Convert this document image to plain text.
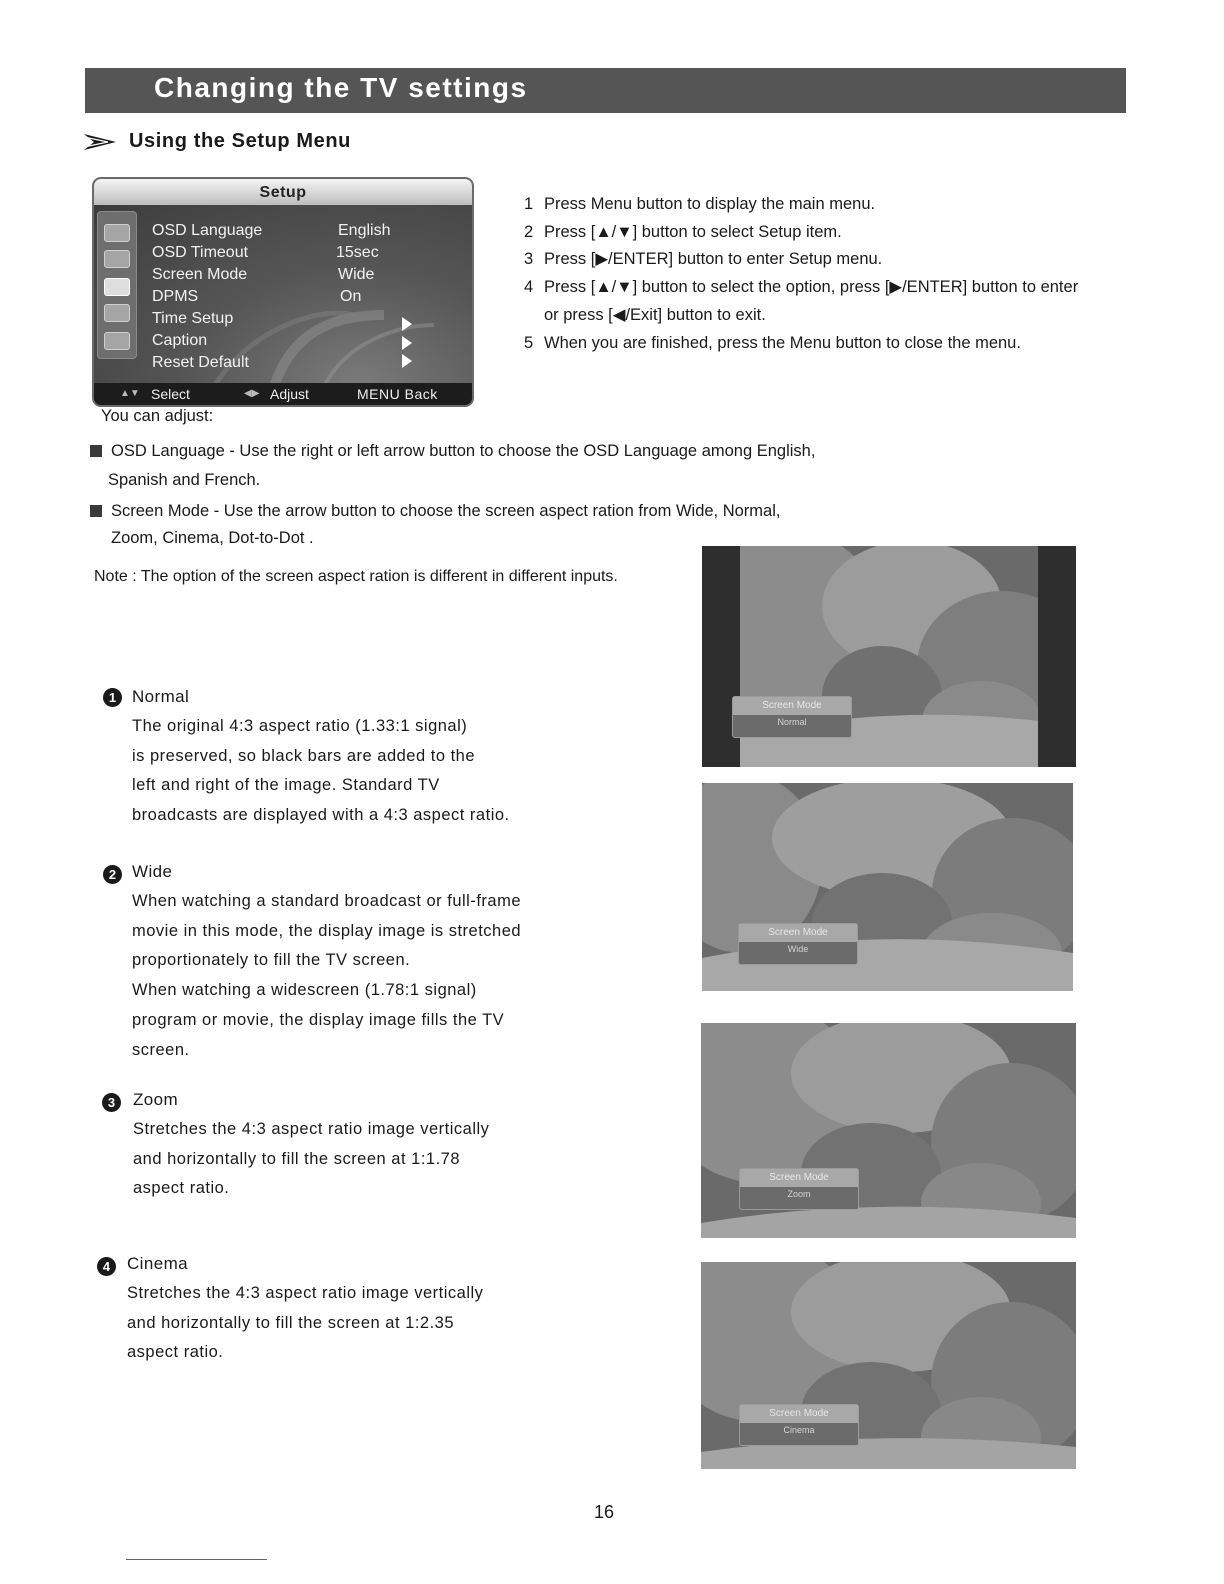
Changing the TV settings
Using the Setup Menu
Setup
OSD Language	English
OSD Timeout	15sec
Screen Mode	Wide
DPMS	On
Time Setup
Caption
Reset Default
▲▼ Select	◀▶ Adjust	MENU Back
1 Press Menu button to display the main menu.
2 Press [▲/▼] button to select Setup item.
3 Press [▶/ENTER] button to enter Setup menu.
4 Press [▲/▼] button to select the option, press [▶/ENTER] button to enter
or press [◀/Exit] button to exit.
5 When you are finished, press the Menu button to close the menu.
You can adjust:
OSD Language - Use the right or left arrow button to choose the OSD Language among English,
Spanish and French.
Screen Mode - Use the arrow button to choose the screen aspect ration from Wide, Normal,
Zoom, Cinema, Dot-to-Dot .
Note : The option of the screen aspect ration is different in different inputs.
1 Normal
The original 4:3 aspect ratio (1.33:1 signal)
is preserved, so black bars are added to the
left and right of the image. Standard TV
broadcasts are displayed with a 4:3 aspect ratio.
2 Wide
When watching a standard broadcast or full-frame
movie in this mode, the display image is stretched
proportionately to fill the TV screen.
When watching a widescreen (1.78:1 signal)
program or movie, the display image fills the TV
screen.
3	Zoom
Stretches the 4:3 aspect ratio image vertically
and horizontally to fill the screen at 1:1.78
aspect ratio.
4 Cinema
Stretches the 4:3 aspect ratio image vertically
and horizontally to fill the screen at 1:2.35
aspect ratio.
Screen Mode
Normal
Screen Mode
Wide
Screen Mode
Zoom
Screen Mode
Cinema
16
